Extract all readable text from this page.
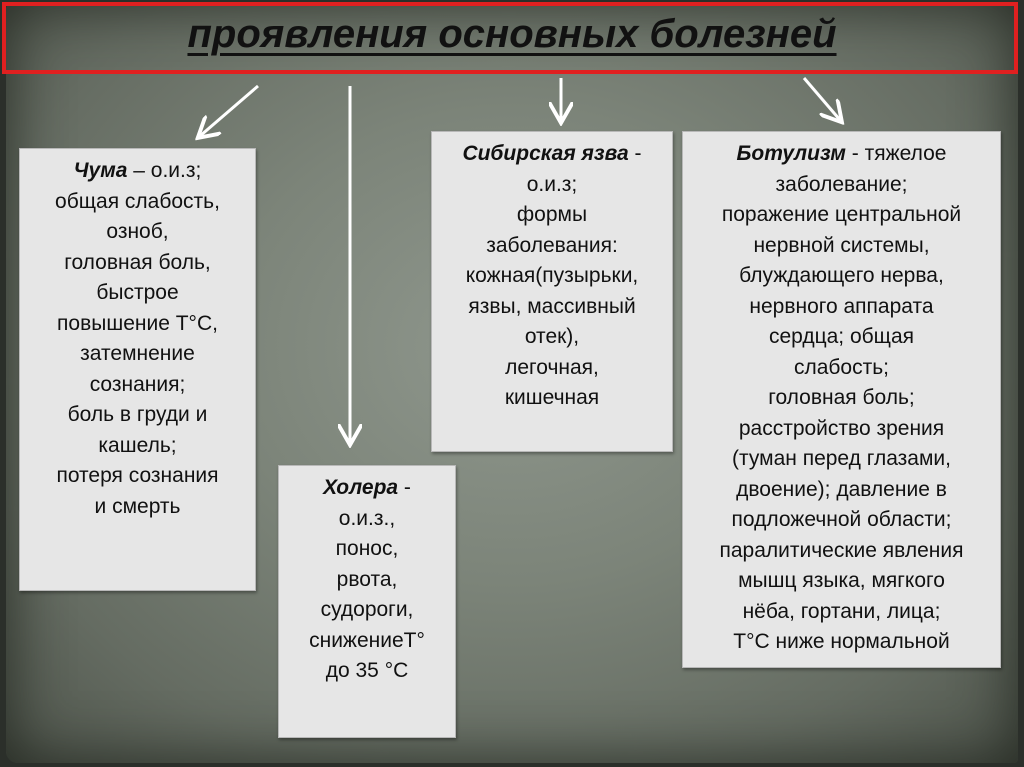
проявления основных болезней
Чума – о.и.з;
общая слабость,
озноб,
головная боль,
быстрое
повышение Т°С,
затемнение
сознания;
боль в груди и
кашель;
потеря сознания
и смерть
Холера -
о.и.з.,
понос,
рвота,
судороги,
снижениеТ°
до 35 °С
Сибирская язва -
о.и.з;
формы
заболевания:
кожная(пузырьки,
язвы, массивный
отек),
легочная,
кишечная
Ботулизм - тяжелое
заболевание;
поражение центральной
нервной системы,
блуждающего нерва,
нервного аппарата
сердца; общая
слабость;
головная боль;
расстройство зрения
(туман перед глазами,
двоение); давление в
подложечной области;
паралитические явления
мышц языка, мягкого
нёба, гортани, лица;
Т°С ниже нормальной
